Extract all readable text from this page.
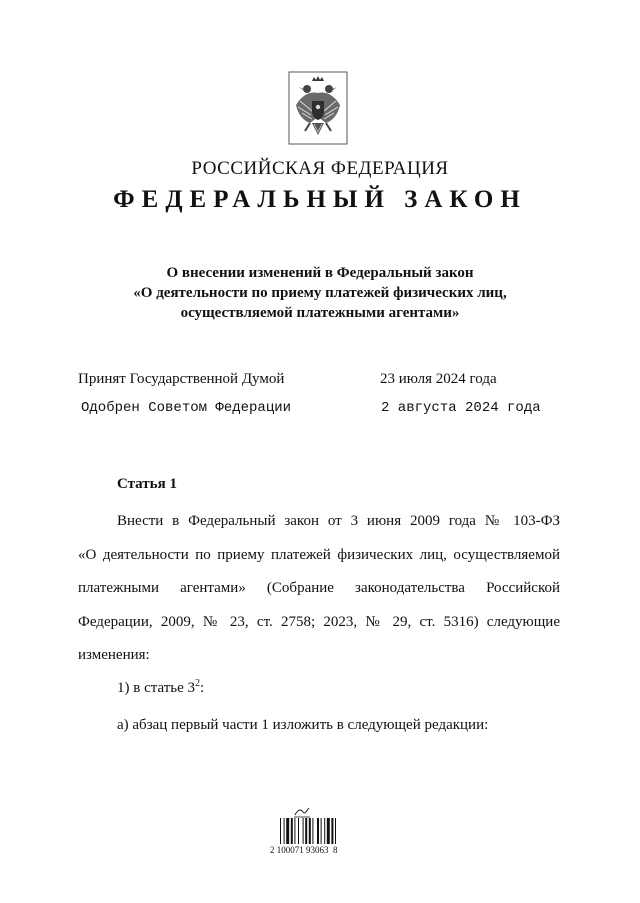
РОССИЙСКАЯ ФЕДЕРАЦИЯ
ФЕДЕРАЛЬНЫЙ ЗАКОН
О внесении изменений в Федеральный закон
«О деятельности по приему платежей физических лиц,
осуществляемой платежными агентами»
Принят Государственной Думой	23 июля 2024 года
Одобрен Советом Федерации	2 августа 2024 года
Статья 1
Внести в Федеральный закон от 3 июня 2009 года № 103-ФЗ
«О деятельности по приему платежей физических лиц, осуществляемой
платежными агентами» (Собрание законодательства Российской
Федерации, 2009, № 23, ст. 2758; 2023, № 29, ст. 5316) следующие
изменения:
1) в статье $3^2$:
а) абзац первый части 1 изложить в следующей редакции:
2 100071 93063  8
